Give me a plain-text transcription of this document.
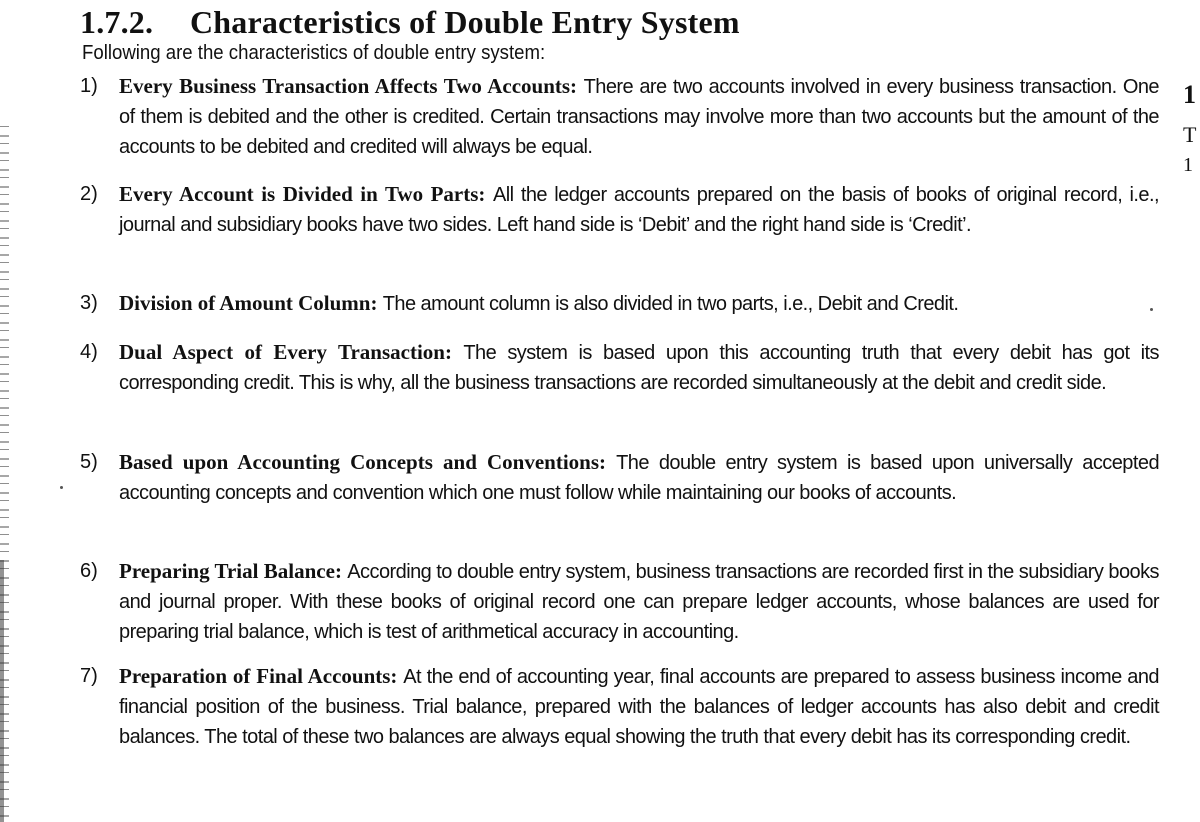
1
T
1
1.7.2. Characteristics of Double Entry System
Following are the characteristics of double entry system:
1) Every Business Transaction Affects Two Accounts: There are two accounts involved in every business transaction. One of them is debited and the other is credited. Certain transactions may involve more than two accounts but the amount of the accounts to be debited and credited will always be equal.
2) Every Account is Divided in Two Parts: All the ledger accounts prepared on the basis of books of original record, i.e., journal and subsidiary books have two sides. Left hand side is ‘Debit’ and the right hand side is ‘Credit’.
3) Division of Amount Column: The amount column is also divided in two parts, i.e., Debit and Credit.
4) Dual Aspect of Every Transaction: The system is based upon this accounting truth that every debit has got its corresponding credit. This is why, all the business transactions are recorded simultaneously at the debit and credit side.
5) Based upon Accounting Concepts and Conventions: The double entry system is based upon universally accepted accounting concepts and convention which one must follow while maintaining our books of accounts.
6) Preparing Trial Balance: According to double entry system, business transactions are recorded first in the subsidiary books and journal proper. With these books of original record one can prepare ledger accounts, whose balances are used for preparing trial balance, which is test of arithmetical accuracy in accounting.
7) Preparation of Final Accounts: At the end of accounting year, final accounts are prepared to assess business income and financial position of the business. Trial balance, prepared with the balances of ledger accounts has also debit and credit balances. The total of these two balances are always equal showing the truth that every debit has its corresponding credit.
